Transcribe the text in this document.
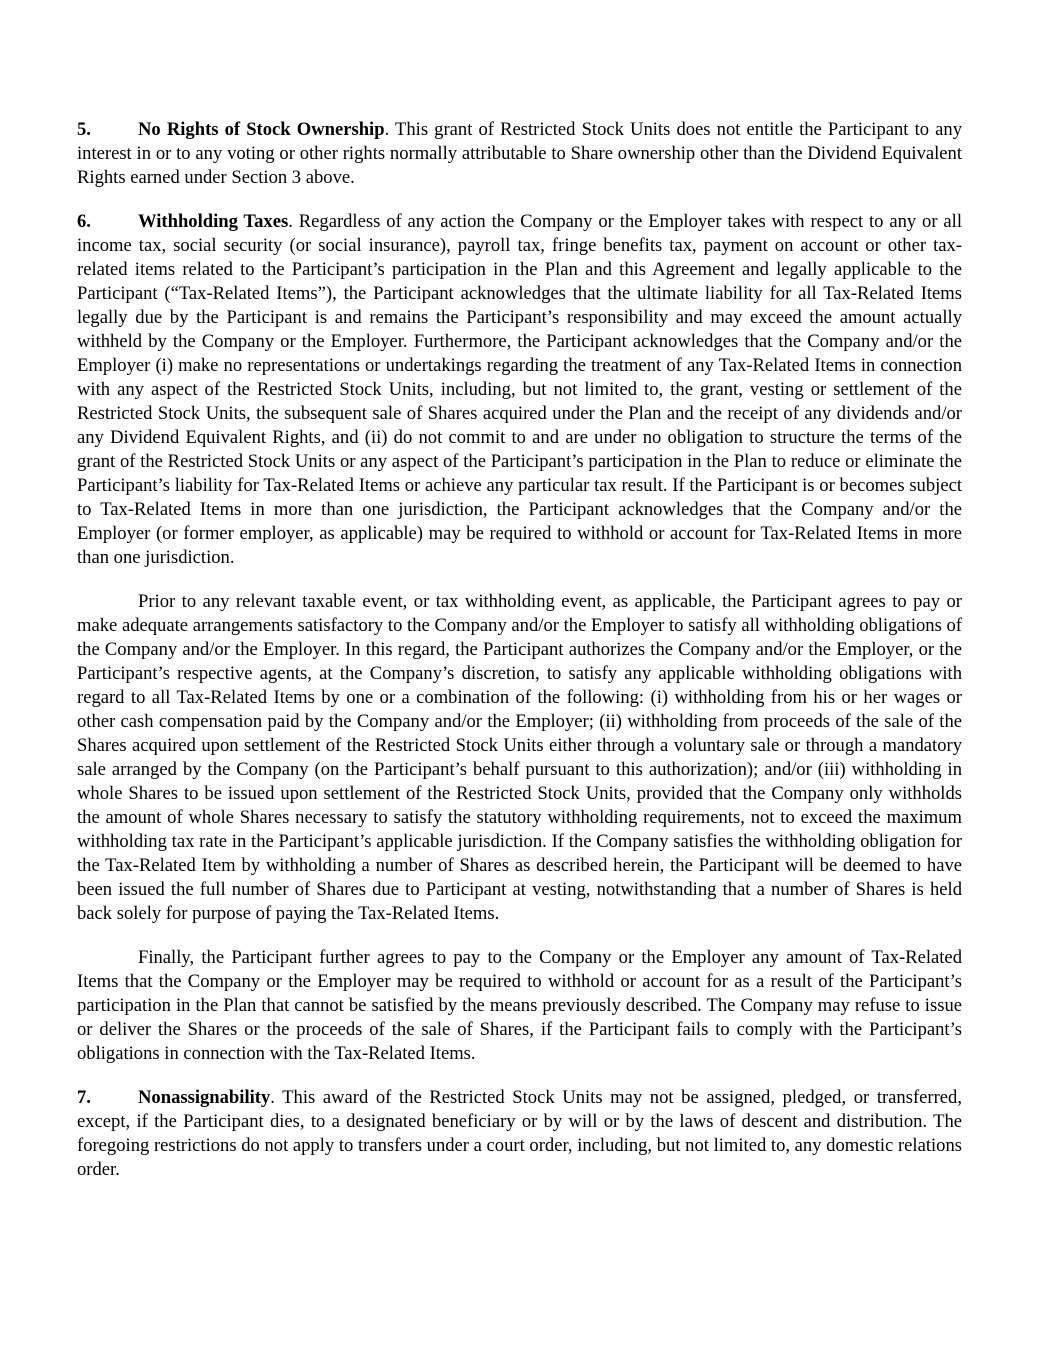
5.	No Rights of Stock Ownership. This grant of Restricted Stock Units does not entitle the Participant to any interest in or to any voting or other rights normally attributable to Share ownership other than the Dividend Equivalent Rights earned under Section 3 above.

6.	Withholding Taxes. Regardless of any action the Company or the Employer takes with respect to any or all income tax, social security (or social insurance), payroll tax, fringe benefits tax, payment on account or other tax-related items related to the Participant’s participation in the Plan and this Agreement and legally applicable to the Participant (“Tax-Related Items”), the Participant acknowledges that the ultimate liability for all Tax-Related Items legally due by the Participant is and remains the Participant’s responsibility and may exceed the amount actually withheld by the Company or the Employer. Furthermore, the Participant acknowledges that the Company and/or the Employer (i) make no representations or undertakings regarding the treatment of any Tax-Related Items in connection with any aspect of the Restricted Stock Units, including, but not limited to, the grant, vesting or settlement of the Restricted Stock Units, the subsequent sale of Shares acquired under the Plan and the receipt of any dividends and/or any Dividend Equivalent Rights, and (ii) do not commit to and are under no obligation to structure the terms of the grant of the Restricted Stock Units or any aspect of the Participant’s participation in the Plan to reduce or eliminate the Participant’s liability for Tax-Related Items or achieve any particular tax result. If the Participant is or becomes subject to Tax-Related Items in more than one jurisdiction, the Participant acknowledges that the Company and/or the Employer (or former employer, as applicable) may be required to withhold or account for Tax-Related Items in more than one jurisdiction.

Prior to any relevant taxable event, or tax withholding event, as applicable, the Participant agrees to pay or make adequate arrangements satisfactory to the Company and/or the Employer to satisfy all withholding obligations of the Company and/or the Employer. In this regard, the Participant authorizes the Company and/or the Employer, or the Participant’s respective agents, at the Company’s discretion, to satisfy any applicable withholding obligations with regard to all Tax-Related Items by one or a combination of the following: (i) withholding from his or her wages or other cash compensation paid by the Company and/or the Employer; (ii) withholding from proceeds of the sale of the Shares acquired upon settlement of the Restricted Stock Units either through a voluntary sale or through a mandatory sale arranged by the Company (on the Participant’s behalf pursuant to this authorization); and/or (iii) withholding in whole Shares to be issued upon settlement of the Restricted Stock Units, provided that the Company only withholds the amount of whole Shares necessary to satisfy the statutory withholding requirements, not to exceed the maximum withholding tax rate in the Participant’s applicable jurisdiction. If the Company satisfies the withholding obligation for the Tax-Related Item by withholding a number of Shares as described herein, the Participant will be deemed to have been issued the full number of Shares due to Participant at vesting, notwithstanding that a number of Shares is held back solely for purpose of paying the Tax-Related Items.

Finally, the Participant further agrees to pay to the Company or the Employer any amount of Tax-Related Items that the Company or the Employer may be required to withhold or account for as a result of the Participant’s participation in the Plan that cannot be satisfied by the means previously described. The Company may refuse to issue or deliver the Shares or the proceeds of the sale of Shares, if the Participant fails to comply with the Participant’s obligations in connection with the Tax-Related Items.

7.	Nonassignability. This award of the Restricted Stock Units may not be assigned, pledged, or transferred, except, if the Participant dies, to a designated beneficiary or by will or by the laws of descent and distribution. The foregoing restrictions do not apply to transfers under a court order, including, but not limited to, any domestic relations order.
